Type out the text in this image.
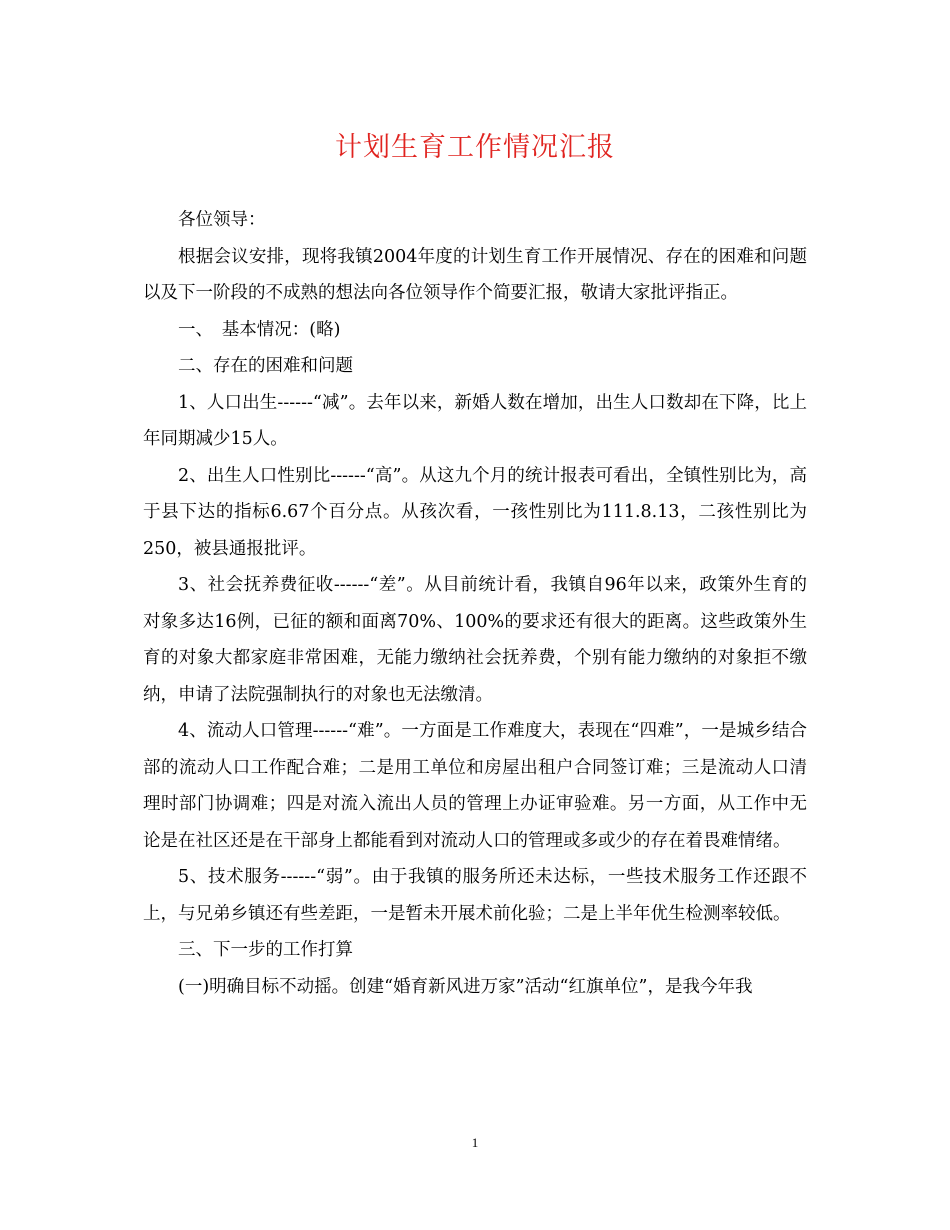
计划生育工作情况汇报

各位领导：

根据会议安排，现将我镇2004年度的计划生育工作开展情况、存在的困难和问题以及下一阶段的不成熟的想法向各位领导作个简要汇报，敬请大家批评指正。

一、　基本情况：(略)

二、存在的困难和问题

1、人口出生------“减”。去年以来，新婚人数在增加，出生人口数却在下降，比上年同期减少15人。

2、出生人口性别比------“高”。从这九个月的统计报表可看出，全镇性别比为，高于县下达的指标6.67个百分点。从孩次看，一孩性别比为111.8.13，二孩性别比为250，被县通报批评。

3、社会抚养费征收------“差”。从目前统计看，我镇自96年以来，政策外生育的对象多达16例，已征的额和面离70%、100%的要求还有很大的距离。这些政策外生育的对象大都家庭非常困难，无能力缴纳社会抚养费，个别有能力缴纳的对象拒不缴纳，申请了法院强制执行的对象也无法缴清。

4、流动人口管理------“难”。一方面是工作难度大，表现在“四难”，一是城乡结合部的流动人口工作配合难；二是用工单位和房屋出租户合同签订难；三是流动人口清理时部门协调难；四是对流入流出人员的管理上办证审验难。另一方面，从工作中无论是在社区还是在干部身上都能看到对流动人口的管理或多或少的存在着畏难情绪。

5、技术服务------“弱”。由于我镇的服务所还未达标，一些技术服务工作还跟不上，与兄弟乡镇还有些差距，一是暂未开展术前化验；二是上半年优生检测率较低。

三、下一步的工作打算

(一)明确目标不动摇。创建“婚育新风进万家”活动“红旗单位”，是我今年我

1
